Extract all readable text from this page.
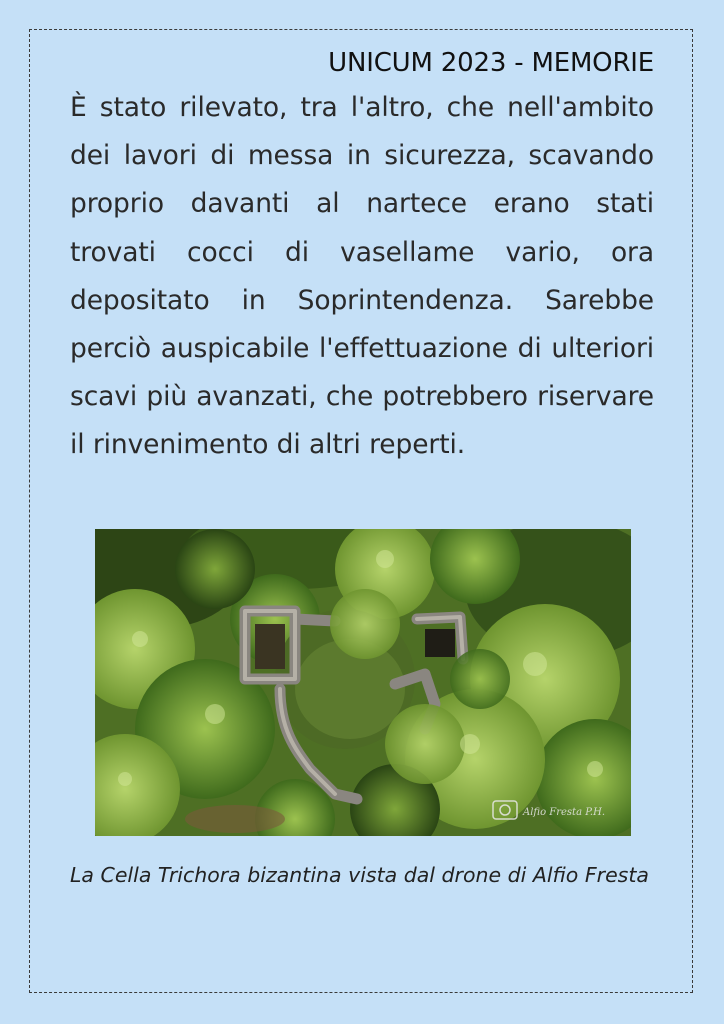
UNICUM 2023 - MEMORIE

È stato rilevato, tra l'altro, che nell'ambito dei lavori di messa in sicurezza, scavando proprio davanti al nartece erano stati trovati cocci di vasellame vario, ora depositato in Soprintendenza. Sarebbe perciò auspicabile l'effettuazione di ulteriori scavi più avanzati, che potrebbero riservare il rinvenimento di altri reperti.

Alfio Fresta P.H.

La Cella Trichora bizantina vista dal drone di Alfio Fresta
